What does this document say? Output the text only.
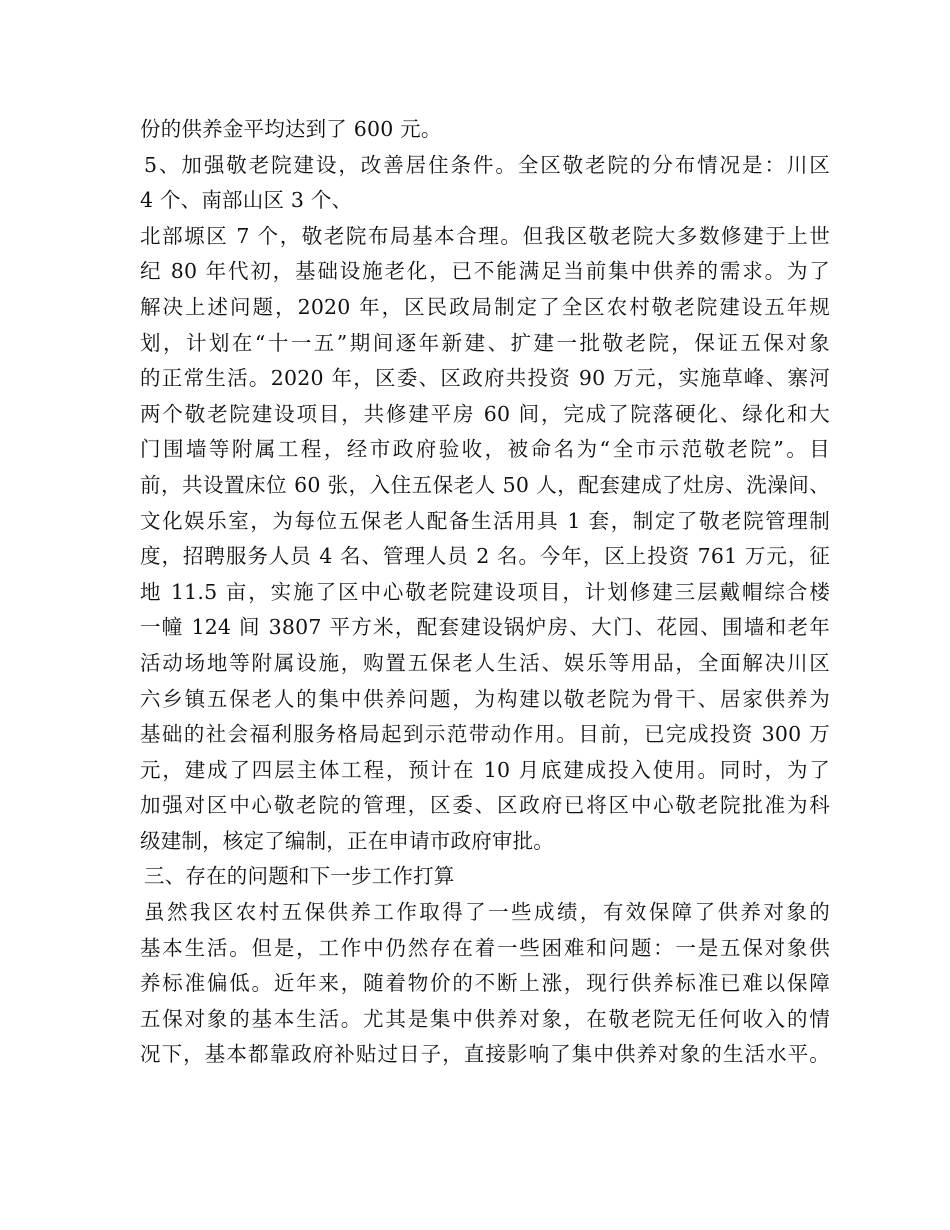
份的供养金平均达到了 600 元。
5、加强敬老院建设，改善居住条件。全区敬老院的分布情况是：川区
4 个、南部山区 3 个、
北部塬区 7 个，敬老院布局基本合理。但我区敬老院大多数修建于上世
纪 80 年代初，基础设施老化，已不能满足当前集中供养的需求。为了
解决上述问题，2020 年，区民政局制定了全区农村敬老院建设五年规
划，计划在“十一五”期间逐年新建、扩建一批敬老院，保证五保对象
的正常生活。2020 年，区委、区政府共投资 90 万元，实施草峰、寨河
两个敬老院建设项目，共修建平房 60 间，完成了院落硬化、绿化和大
门围墙等附属工程，经市政府验收，被命名为“全市示范敬老院”。目
前，共设置床位 60 张，入住五保老人 50 人，配套建成了灶房、洗澡间、
文化娱乐室，为每位五保老人配备生活用具 1 套，制定了敬老院管理制
度，招聘服务人员 4 名、管理人员 2 名。今年，区上投资 761 万元，征
地 11.5 亩，实施了区中心敬老院建设项目，计划修建三层戴帽综合楼
一幢 124 间 3807 平方米，配套建设锅炉房、大门、花园、围墙和老年
活动场地等附属设施，购置五保老人生活、娱乐等用品，全面解决川区
六乡镇五保老人的集中供养问题，为构建以敬老院为骨干、居家供养为
基础的社会福利服务格局起到示范带动作用。目前，已完成投资 300 万
元，建成了四层主体工程，预计在 10 月底建成投入使用。同时，为了
加强对区中心敬老院的管理，区委、区政府已将区中心敬老院批准为科
级建制，核定了编制，正在申请市政府审批。
三、存在的问题和下一步工作打算
虽然我区农村五保供养工作取得了一些成绩，有效保障了供养对象的
基本生活。但是，工作中仍然存在着一些困难和问题：一是五保对象供
养标准偏低。近年来，随着物价的不断上涨，现行供养标准已难以保障
五保对象的基本生活。尤其是集中供养对象，在敬老院无任何收入的情
况下，基本都靠政府补贴过日子，直接影响了集中供养对象的生活水平。
